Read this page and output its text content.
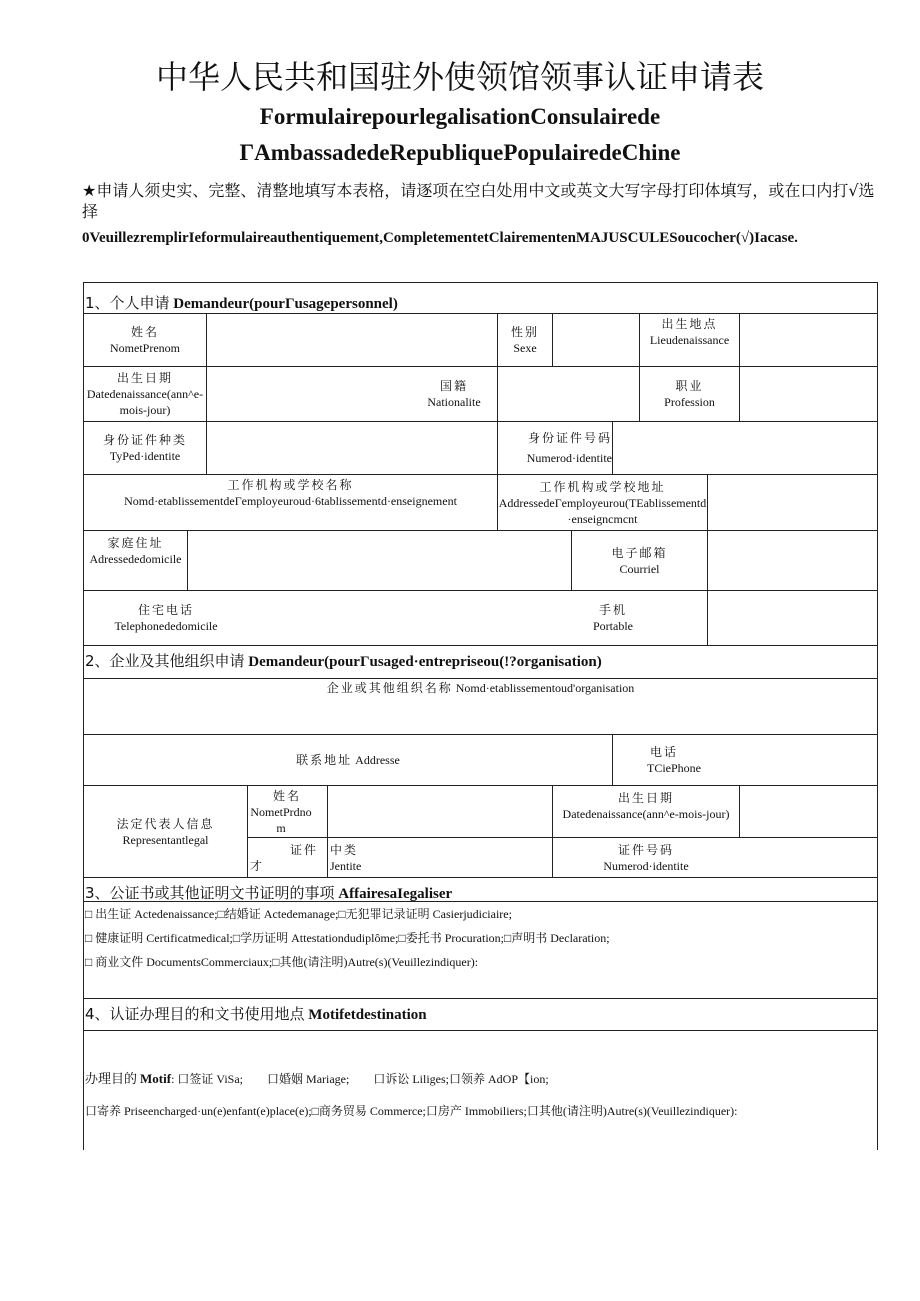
中华人民共和国驻外使领馆领事认证申请表
FormulairepourlegalisationConsulairede
ΓAmbassadedeRepubliquePopulairedeChine
★申请人须史实、完整、清整地填写本表格，请逐项在空白处用中文或英文大写字母打印体填写，或在口内打√选择
0VeuillezremplirIeformulaireauthentiquement,CompletementetClairementenMAJUSCULESoucocher(√)Iacase.
1、个人申请 Demandeur(pourΓusagepersonnel)
姓名
NometPrenom
性别
Sexe
出生地点
Lieudenaissance
出生日期
Datedenaissance(ann^e-mois-jour)
国籍
Nationalite
职业
Profession
身份证件种类
TyPed·identite
身份证件号码
Numerod·identite
工作机构或学校名称
Nomd·etablissementdeΓemployeuroud·6tablissementd·enseignement
工作机构或学校地址
AddressedeΓemployeurou(TEablissementd·enseigncmcnt
家庭住址
Adressededomicile	电子邮箱
Courriel
住宅电话
Telephonededomicile
手机
Portable
2、企业及其他组织申请 Demandeur(pourΓusaged·entrepriseou(!?organisation)
企业或其他组织名称 Nomd·etablissementoud'organisation
联系地址 Addresse
电话
TCiePhone
法定代表人信息
Representantlegal
姓名
NometPrdnom
出生日期
Datedenaissance(ann^e-mois-jour)
证件
才
中类
Jentite
证件号码
Numerod·identite
3、公证书或其他证明文书证明的事项 AffairesaIegaliser
□ 出生证 Actedenaissance;□结婚证 Actedemanage;□无犯罪记录证明 Casierjudiciaire;
□ 健康证明 Certificatmedical;□学历证明 Attestationdudiplôme;□委托书 Procuration;□声明书 Declaration;
□ 商业文件 DocumentsCommerciaux;□其他(请注明)Autre(s)(Veuillezindiquer):
4、认证办理目的和文书使用地点 Motifetdestination
办理目的 Motif: 口签证 ViSa;        口婚姻 Mariage;        口诉讼 Liliges;口领养 AdOP【ion;
口寄养 Priseencharged·un(e)enfant(e)place(e);□商务贸易 Commerce;口房产 Immobiliers;口其他(请注明)Autre(s)(Veuillezindiquer):
